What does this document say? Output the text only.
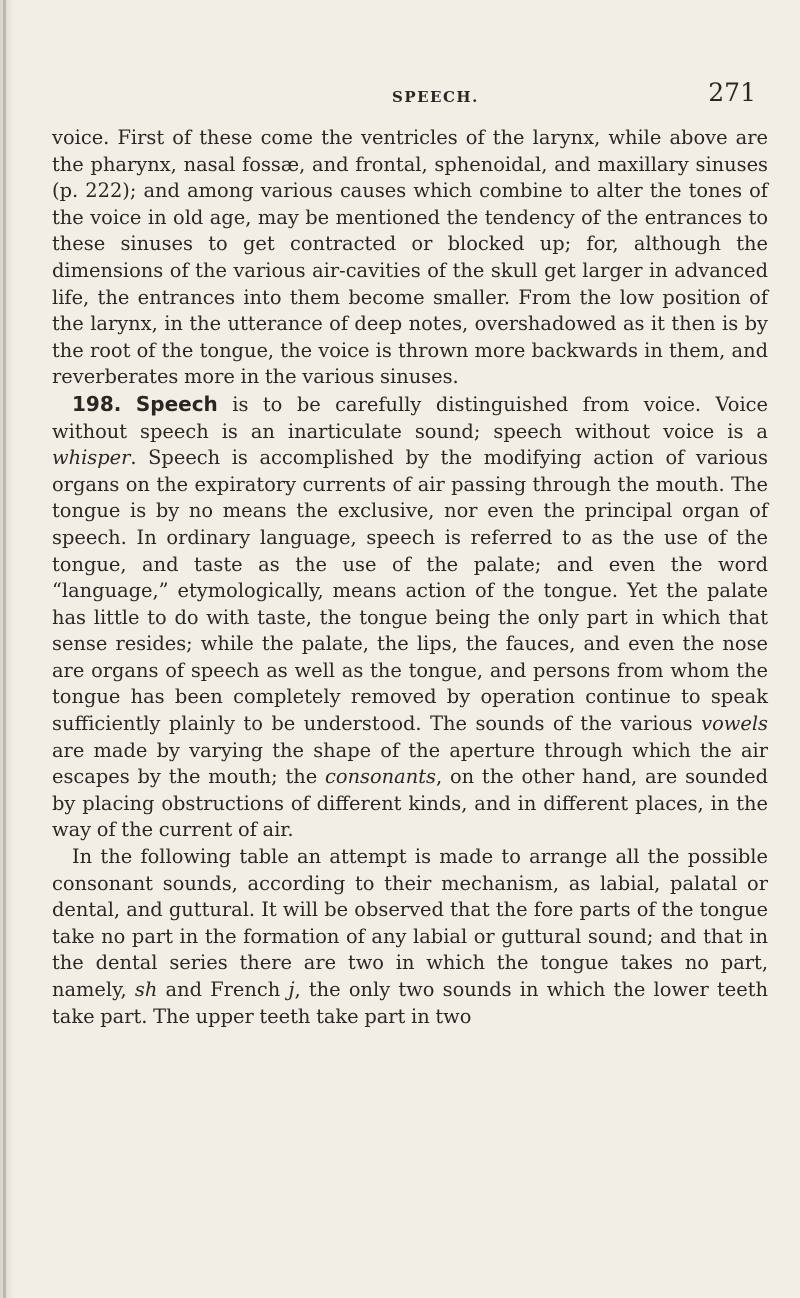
SPEECH.	271

voice. First of these come the ventricles of the larynx, while above are the pharynx, nasal fossæ, and frontal, sphenoidal, and maxillary sinuses (p. 222); and among various causes which combine to alter the tones of the voice in old age, may be mentioned the tendency of the entrances to these sinuses to get contracted or blocked up; for, although the dimensions of the various air-cavities of the skull get larger in advanced life, the entrances into them become smaller. From the low position of the larynx, in the utterance of deep notes, overshadowed as it then is by the root of the tongue, the voice is thrown more backwards in them, and reverberates more in the various sinuses.

198. Speech is to be carefully distinguished from voice. Voice without speech is an inarticulate sound; speech without voice is a whisper. Speech is accomplished by the modifying action of various organs on the expiratory currents of air passing through the mouth. The tongue is by no means the exclusive, nor even the principal organ of speech. In ordinary language, speech is referred to as the use of the tongue, and taste as the use of the palate; and even the word “language,” etymologically, means action of the tongue. Yet the palate has little to do with taste, the tongue being the only part in which that sense resides; while the palate, the lips, the fauces, and even the nose are organs of speech as well as the tongue, and persons from whom the tongue has been completely removed by operation continue to speak sufficiently plainly to be understood. The sounds of the various vowels are made by varying the shape of the aperture through which the air escapes by the mouth; the consonants, on the other hand, are sounded by placing obstructions of different kinds, and in different places, in the way of the current of air.

In the following table an attempt is made to arrange all the possible consonant sounds, according to their mechanism, as labial, palatal or dental, and guttural. It will be observed that the fore parts of the tongue take no part in the formation of any labial or guttural sound; and that in the dental series there are two in which the tongue takes no part, namely, sh and French j, the only two sounds in which the lower teeth take part. The upper teeth take part in two
